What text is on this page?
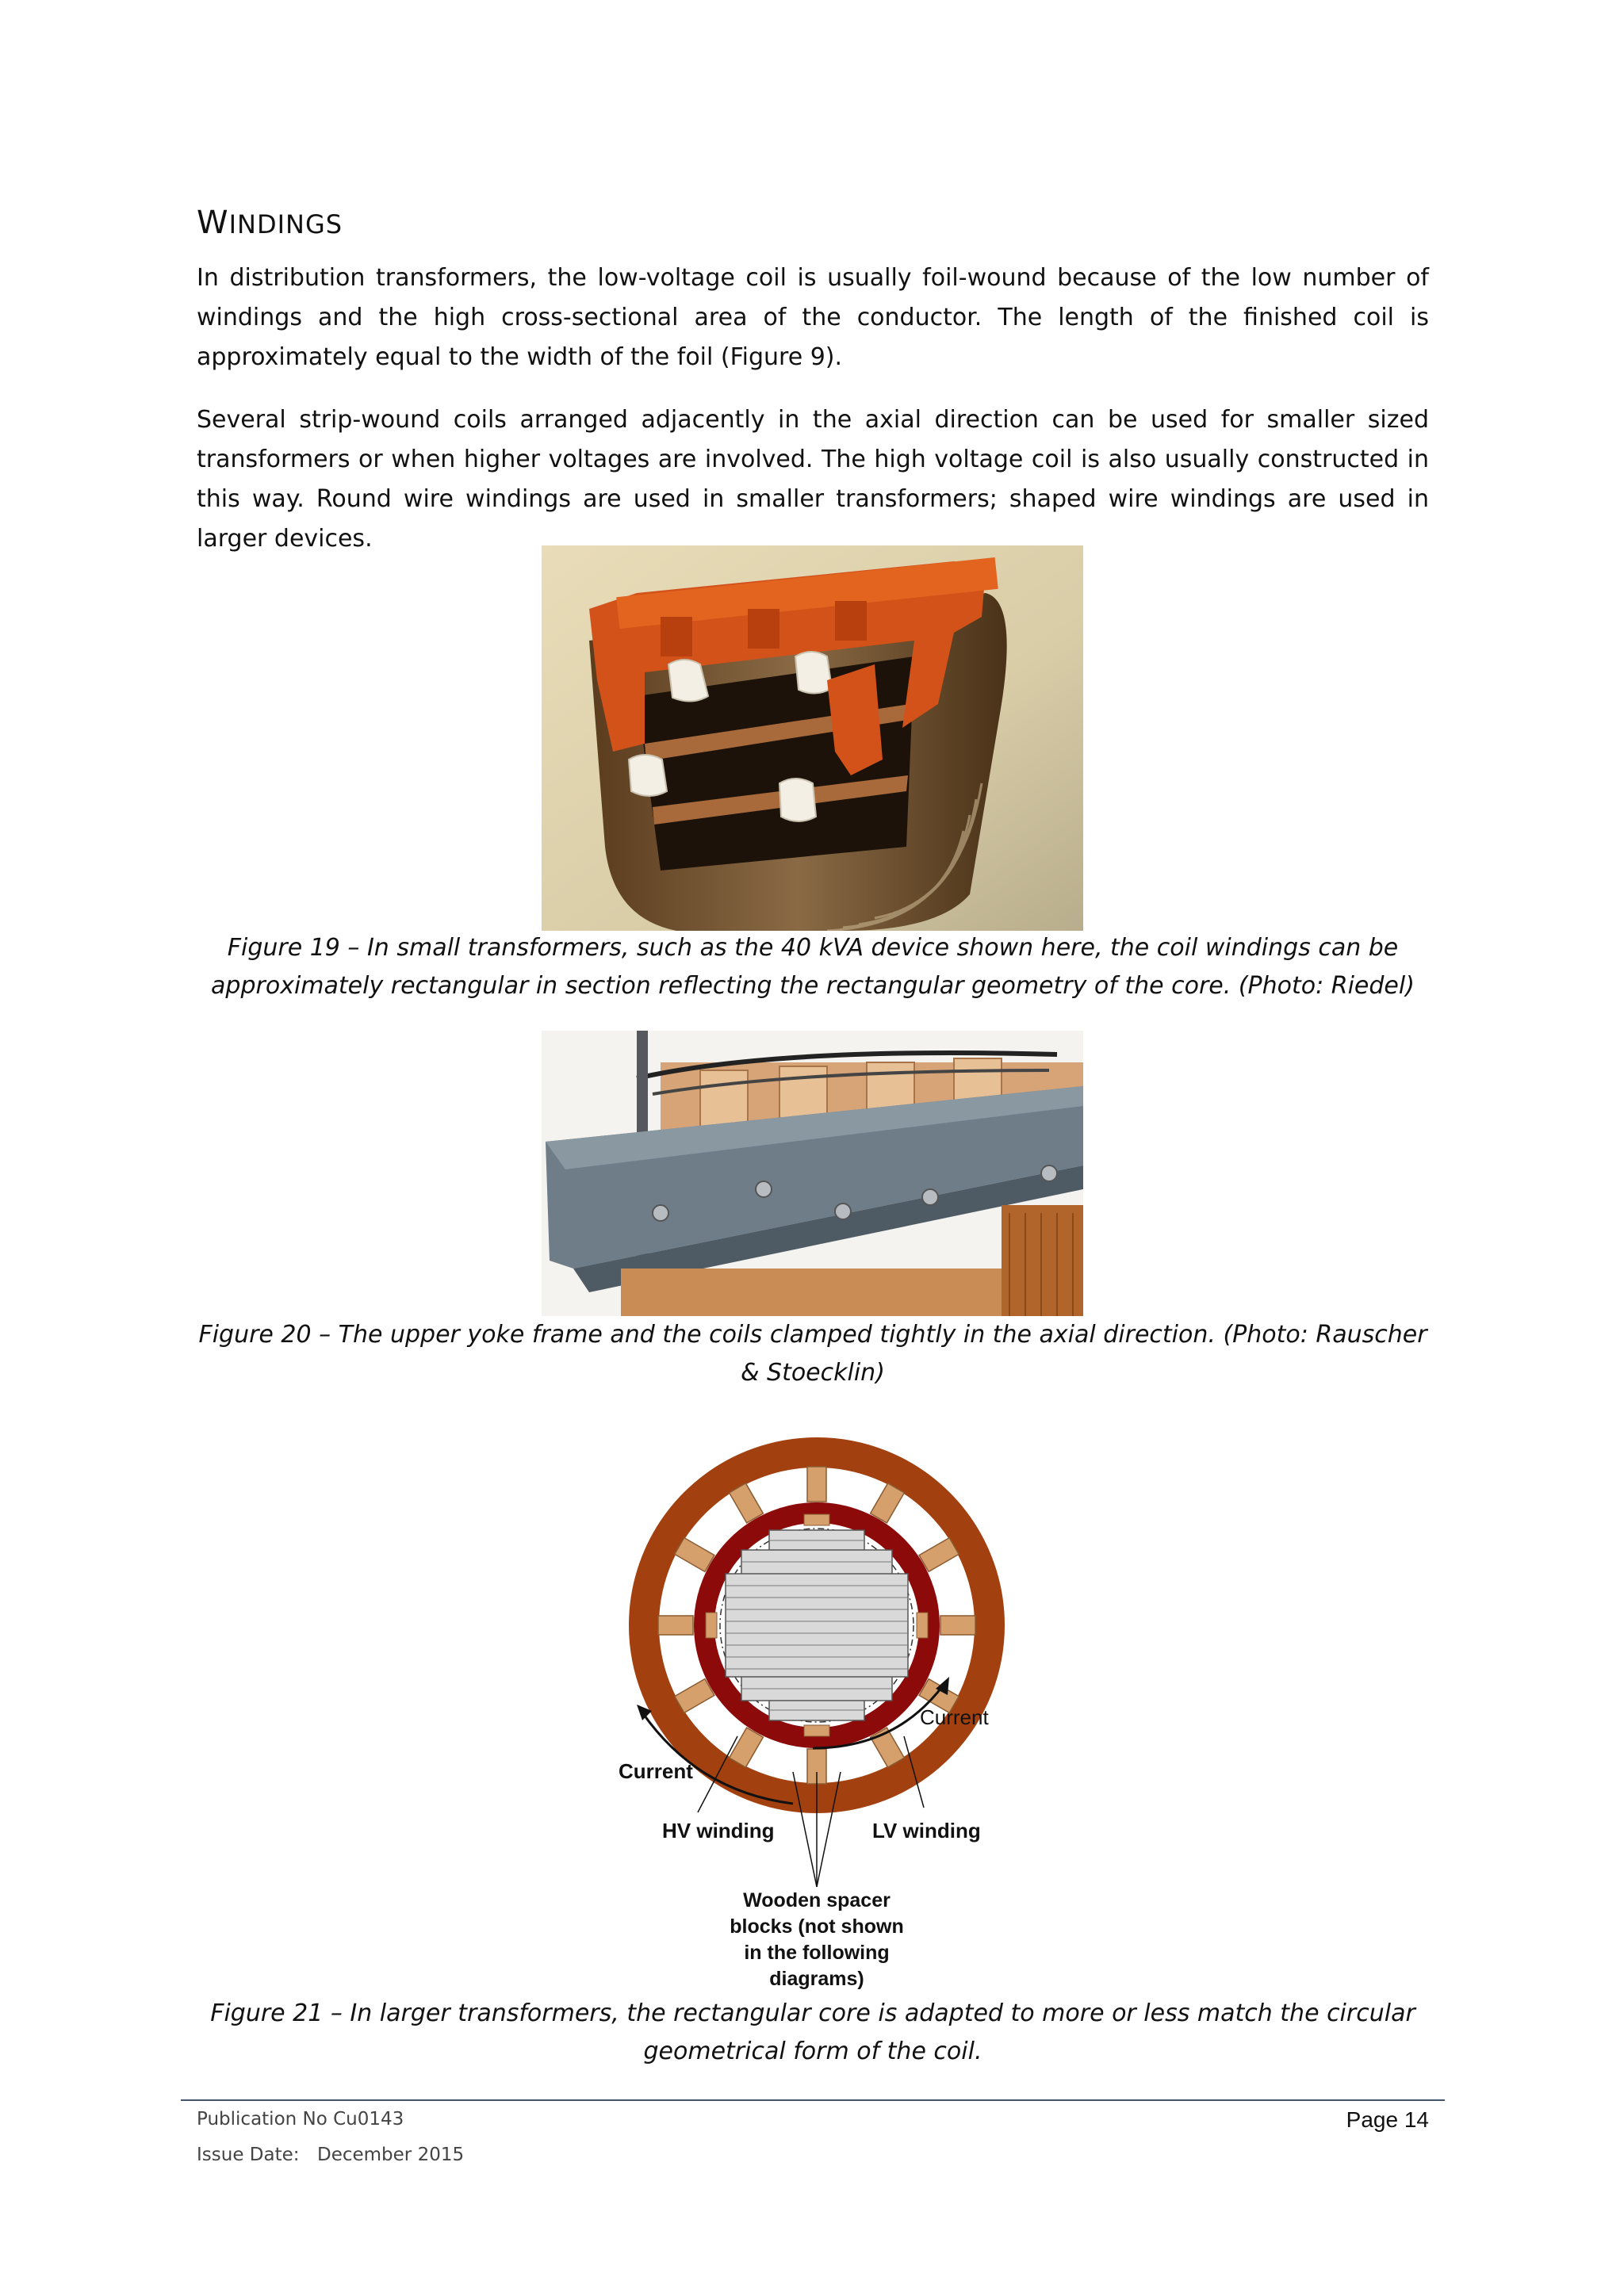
WINDINGS
In distribution transformers, the low-voltage coil is usually foil-wound because of the low number of windings and the high cross-sectional area of the conductor. The length of the finished coil is approximately equal to the width of the foil (Figure 9).
Several strip-wound coils arranged adjacently in the axial direction can be used for smaller sized transformers or when higher voltages are involved. The high voltage coil is also usually constructed in this way. Round wire windings are used in smaller transformers; shaped wire windings are used in larger devices.
Figure 19 – In small transformers, such as the 40 kVA device shown here, the coil windings can be approximately rectangular in section reflecting the rectangular geometry of the core. (Photo: Riedel)
Figure 20 – The upper yoke frame and the coils clamped tightly in the axial direction. (Photo: Rauscher & Stoecklin)
Current
Current
HV winding	LV winding
Wooden spacer
blocks (not shown
in the following
diagrams)
Figure 21 – In larger transformers, the rectangular core is adapted to more or less match the circular geometrical form of the coil.
Publication No Cu0143	Page 14
Issue Date: December 2015
